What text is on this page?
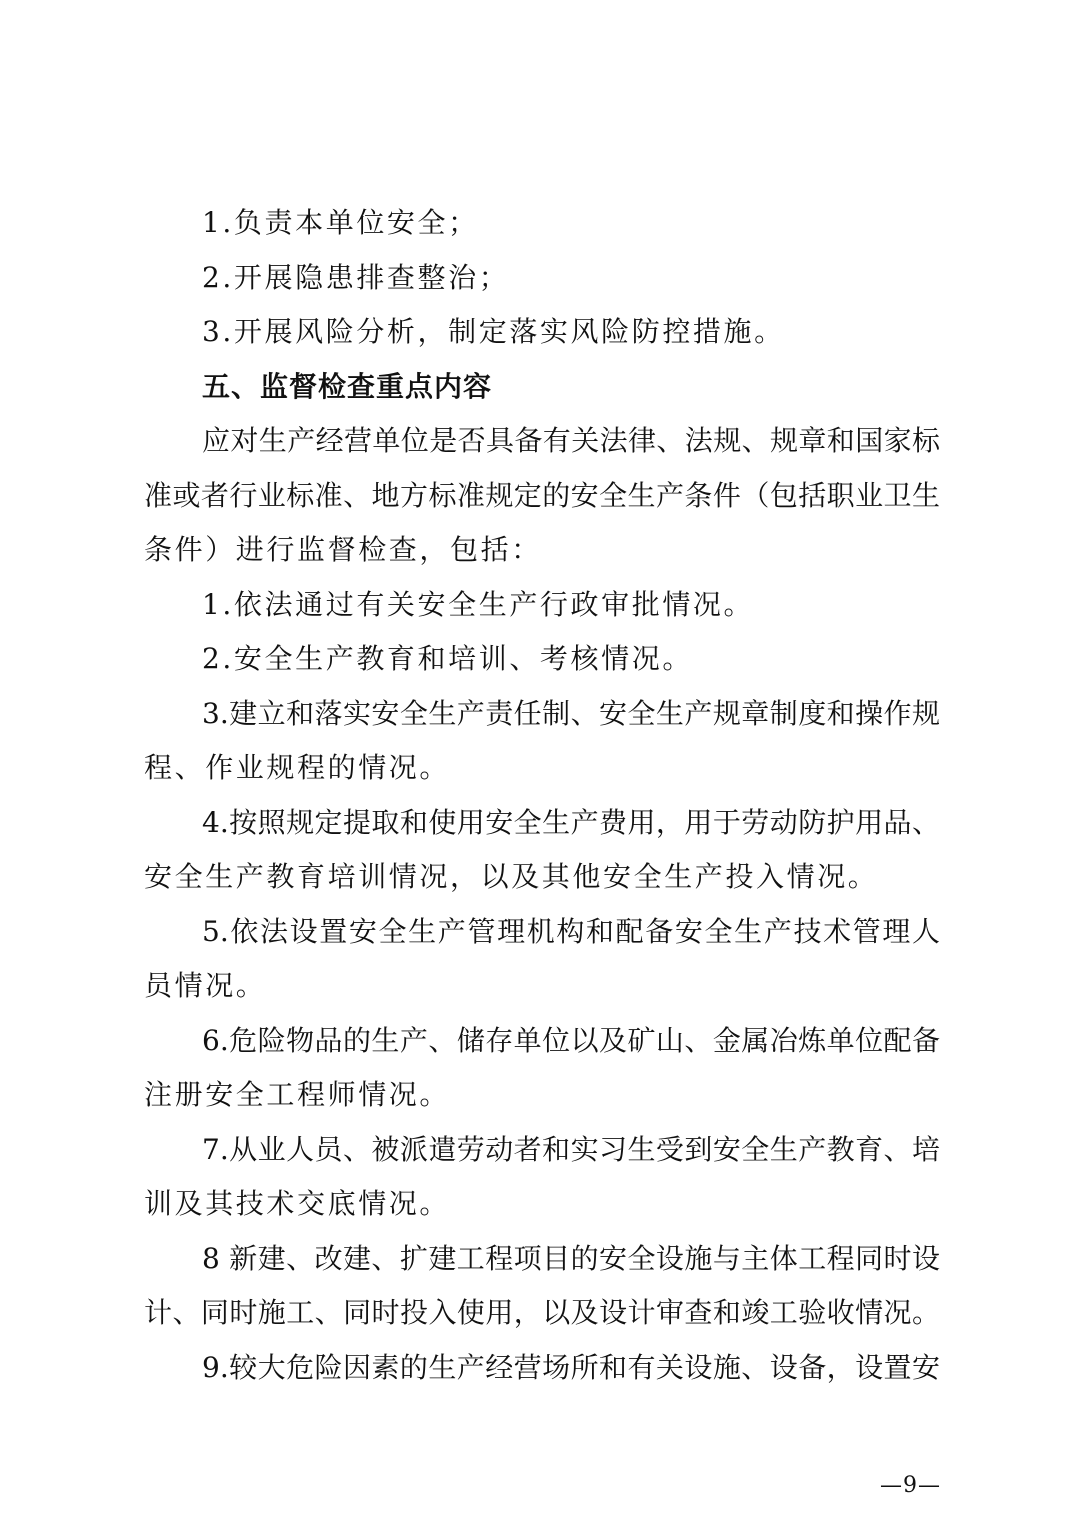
1.负责本单位安全；
2.开展隐患排查整治；
3.开展风险分析，制定落实风险防控措施。
五、监督检查重点内容
应对生产经营单位是否具备有关法律、法规、规章和国家标
准或者行业标准、地方标准规定的安全生产条件（包括职业卫生
条件）进行监督检查，包括：
1.依法通过有关安全生产行政审批情况。
2.安全生产教育和培训、考核情况。
3.建立和落实安全生产责任制、安全生产规章制度和操作规
程、作业规程的情况。
4.按照规定提取和使用安全生产费用，用于劳动防护用品、
安全生产教育培训情况，以及其他安全生产投入情况。
5.依法设置安全生产管理机构和配备安全生产技术管理人
员情况。
6.危险物品的生产、储存单位以及矿山、金属冶炼单位配备
注册安全工程师情况。
7.从业人员、被派遣劳动者和实习生受到安全生产教育、培
训及其技术交底情况。
8 新建、改建、扩建工程项目的安全设施与主体工程同时设
计、同时施工、同时投入使用，以及设计审查和竣工验收情况。
9.较大危险因素的生产经营场所和有关设施、设备，设置安
—9—
